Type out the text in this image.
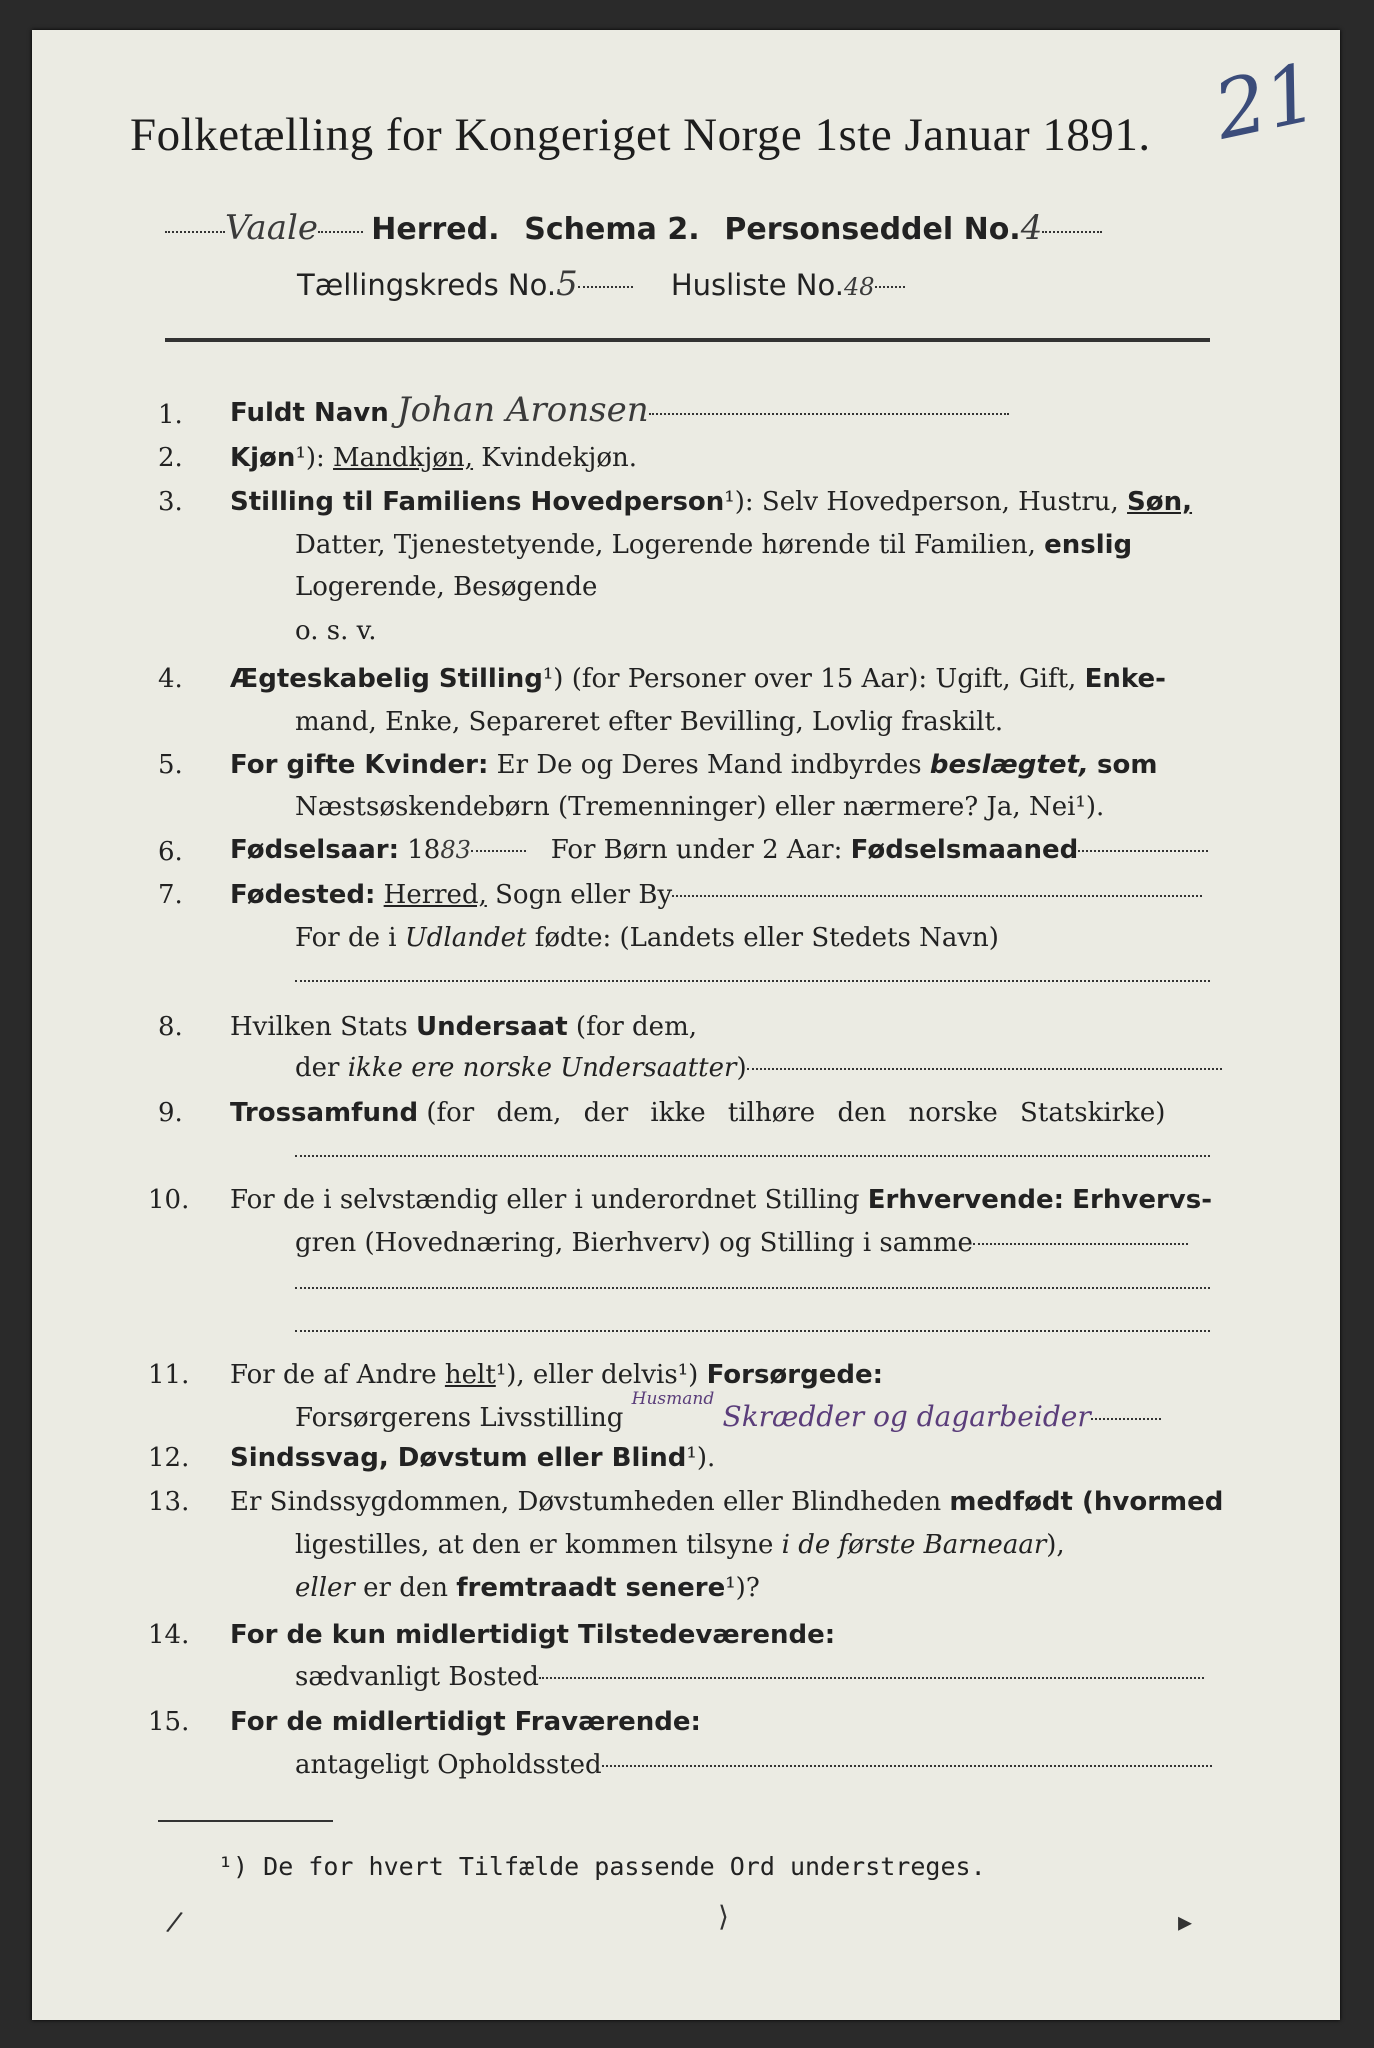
21
Folketælling for Kongeriget Norge 1ste Januar 1891.
Vaale Herred. Schema 2. Personseddel No.4
Tællingskreds No.5	Husliste No.48
1. Fuldt Navn Johan Aronsen
2. Kjøn¹): Mandkjøn, Kvindekjøn.
3. Stilling til Familiens Hovedperson¹): Selv Hovedperson, Hustru, Søn,
Datter, Tjenestetyende, Logerende hørende til Familien, enslig
Logerende, Besøgende
o. s. v.
4. Ægteskabelig Stilling¹) (for Personer over 15 Aar): Ugift, Gift, Enke-
mand, Enke, Separeret efter Bevilling, Lovlig fraskilt.
5. For gifte Kvinder: Er De og Deres Mand indbyrdes beslægtet, som
Næstsøskendebørn (Tremenninger) eller nærmere? Ja, Nei¹).
6. Fødselsaar: 1883	For Børn under 2 Aar: Fødselsmaaned
7. Fødested: Herred, Sogn eller By
For de i Udlandet fødte: (Landets eller Stedets Navn)
8. Hvilken Stats Undersaat (for dem,
der ikke ere norske Undersaatter)
9. Trossamfund (for dem, der ikke tilhøre den norske Statskirke)
10. For de i selvstændig eller i underordnet Stilling Erhvervende: Erhvervs-
gren (Hovednæring, Bierhverv) og Stilling i samme
11. For de af Andre helt¹), eller delvis¹) Forsørgede:
Forsørgerens Livsstilling $^{Husmand}$ Skrædder og dagarbeider
12. Sindssvag, Døvstum eller Blind¹).
13. Er Sindssygdommen, Døvstumheden eller Blindheden medfødt (hvormed
ligestilles, at den er kommen tilsyne i de første Barneaar),
eller er den fremtraadt senere¹)?
14. For de kun midlertidigt Tilstedeværende:
sædvanligt Bosted
15. For de midlertidigt Fraværende:
antageligt Opholdssted
¹) De for hvert Tilfælde passende Ord understreges.
/	⟩	▸
